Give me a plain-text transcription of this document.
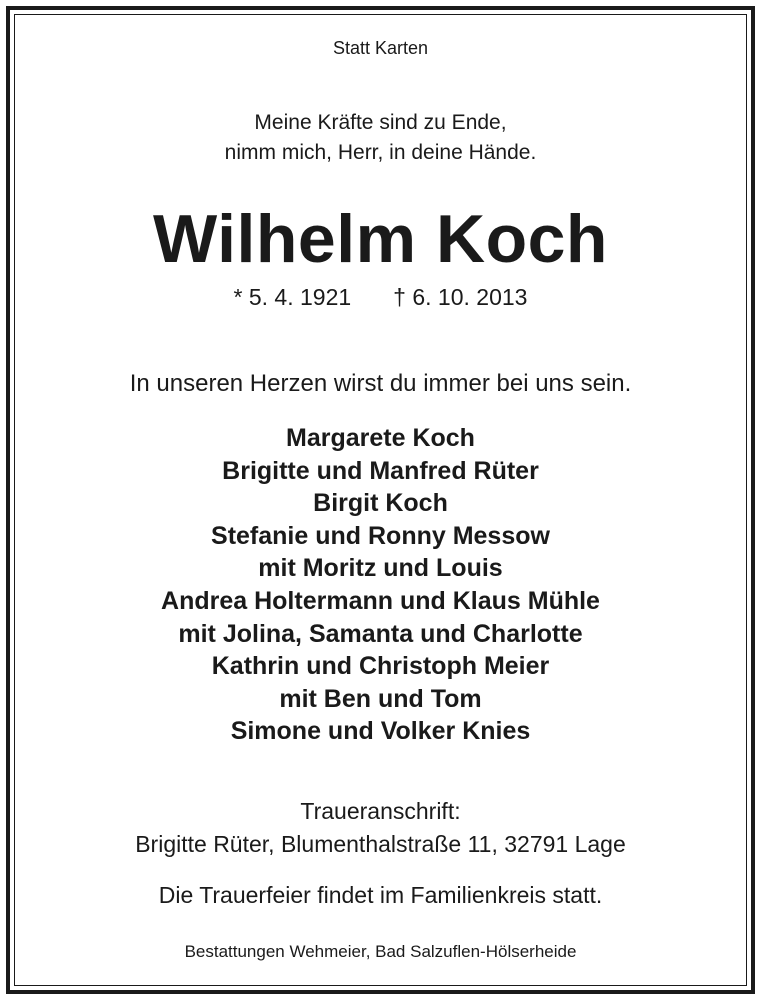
Statt Karten
Meine Kräfte sind zu Ende,
nimm mich, Herr, in deine Hände.
Wilhelm Koch
* 5. 4. 1921 † 6. 10. 2013
In unseren Herzen wirst du immer bei uns sein.
Margarete Koch
Brigitte und Manfred Rüter
Birgit Koch
Stefanie und Ronny Messow
mit Moritz und Louis
Andrea Holtermann und Klaus Mühle
mit Jolina, Samanta und Charlotte
Kathrin und Christoph Meier
mit Ben und Tom
Simone und Volker Knies
Traueranschrift:
Brigitte Rüter, Blumenthalstraße 11, 32791 Lage
Die Trauerfeier findet im Familienkreis statt.
Bestattungen Wehmeier, Bad Salzuflen-Hölserheide
